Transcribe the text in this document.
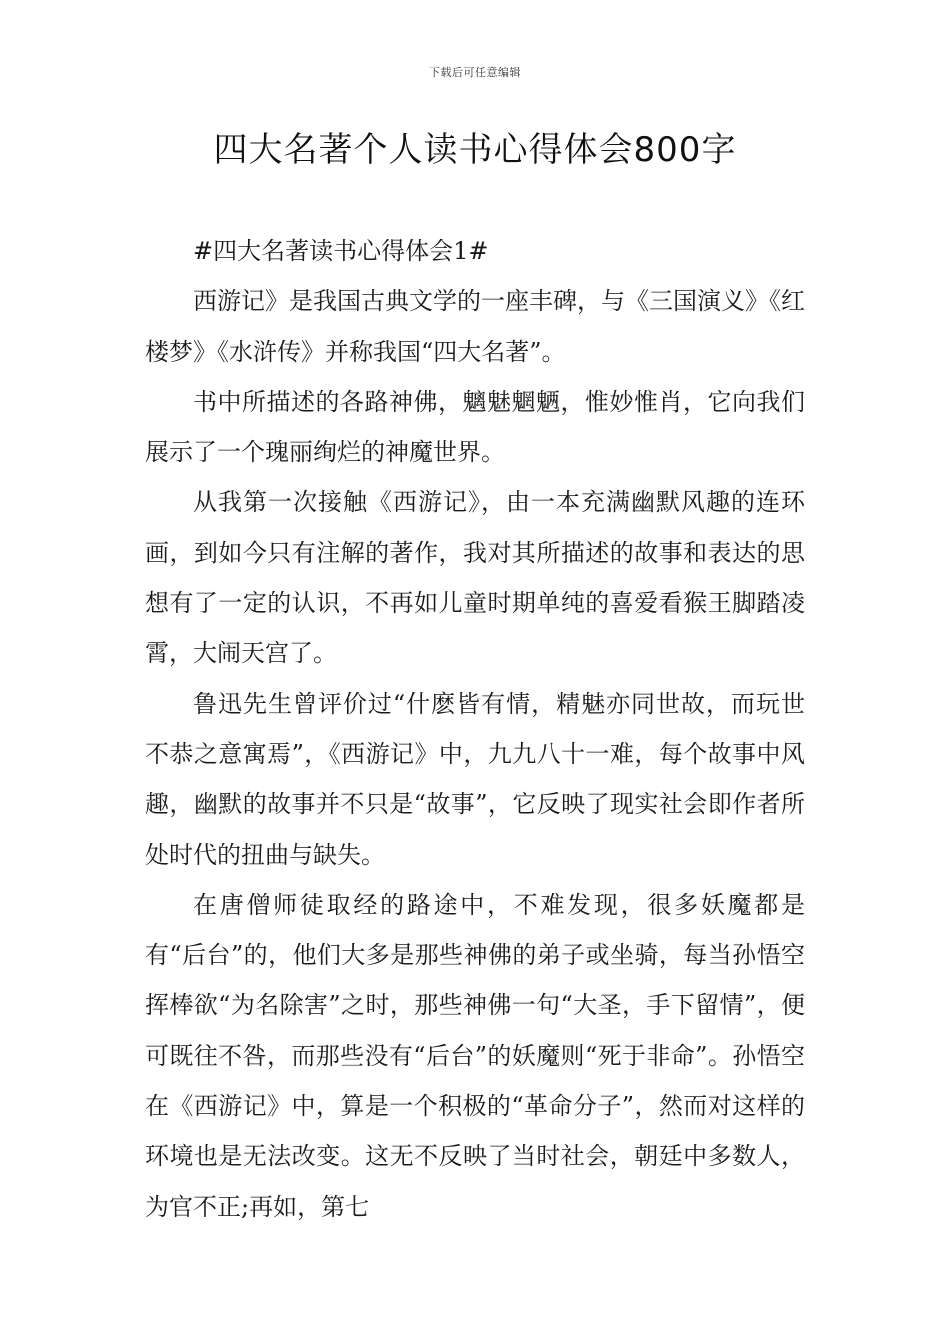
下载后可任意编辑
四大名著个人读书心得体会800字

#四大名著读书心得体会1#

西游记》是我国古典文学的一座丰碑，与《三国演义》《红楼梦》《水浒传》并称我国“四大名著”。

书中所描述的各路神佛，魑魅魍魉，惟妙惟肖，它向我们展示了一个瑰丽绚烂的神魔世界。

从我第一次接触《西游记》，由一本充满幽默风趣的连环画，到如今只有注解的著作，我对其所描述的故事和表达的思想有了一定的认识，不再如儿童时期单纯的喜爱看猴王脚踏凌霄，大闹天宫了。

鲁迅先生曾评价过“什麽皆有情，精魅亦同世故，而玩世不恭之意寓焉”，《西游记》中，九九八十一难，每个故事中风趣，幽默的故事并不只是“故事”，它反映了现实社会即作者所处时代的扭曲与缺失。

在唐僧师徒取经的路途中，不难发现，很多妖魔都是有“后台”的，他们大多是那些神佛的弟子或坐骑，每当孙悟空挥棒欲“为名除害”之时，那些神佛一句“大圣，手下留情”，便可既往不咎，而那些没有“后台”的妖魔则“死于非命”。孙悟空在《西游记》中，算是一个积极的“革命分子”，然而对这样的环境也是无法改变。这无不反映了当时社会，朝廷中多数人，为官不正;再如，第七
